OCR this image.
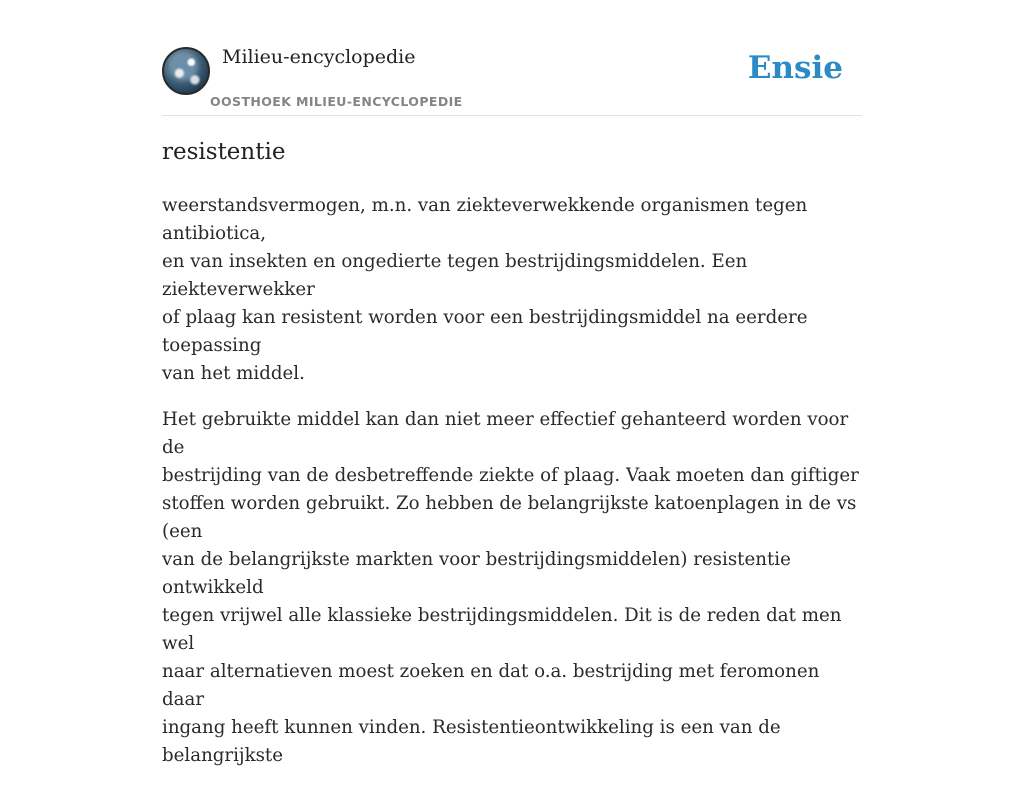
Milieu-encyclopedie
OOSTHOEK MILIEU-ENCYCLOPEDIE
Ensie
resistentie

weerstandsvermogen, m.n. van ziekteverwekkende organismen tegen antibiotica,
en van insekten en ongedierte tegen bestrijdingsmiddelen. Een ziekteverwekker
of plaag kan resistent worden voor een bestrijdingsmiddel na eerdere toepassing
van het middel.

Het gebruikte middel kan dan niet meer effectief gehanteerd worden voor de
bestrijding van de desbetreffende ziekte of plaag. Vaak moeten dan giftiger
stoffen worden gebruikt. Zo hebben de belangrijkste katoenplagen in de vs (een
van de belangrijkste markten voor bestrijdingsmiddelen) resistentie ontwikkeld
tegen vrijwel alle klassieke bestrijdingsmiddelen. Dit is de reden dat men wel
naar alternatieven moest zoeken en dat o.a. bestrijding met feromonen daar
ingang heeft kunnen vinden. Resistentieontwikkeling is een van de belangrijkste
